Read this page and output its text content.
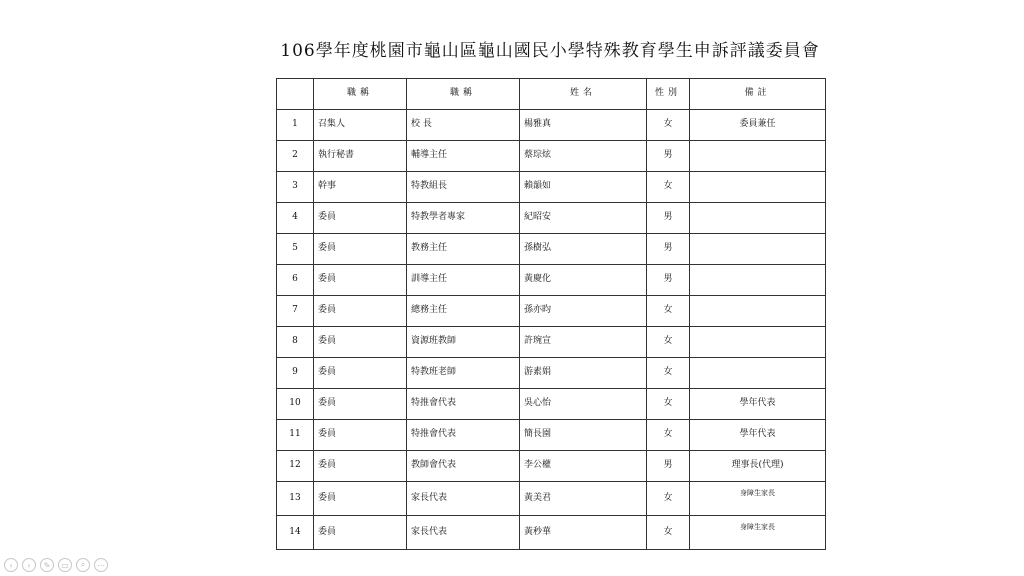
106學年度桃園市龜山區龜山國民小學特殊教育學生申訴評議委員會
	職稱	職稱	姓名	性別	備註
1	召集人	校 長	楊雅真	女	委員兼任
2	執行秘書	輔導主任	蔡琮炫	男	
3	幹事	特教組長	賴韻如	女	
4	委員	特教學者專家	紀昭安	男	
5	委員	教務主任	孫樹弘	男	
6	委員	訓導主任	黃慶化	男	
7	委員	總務主任	孫亦昀	女	
8	委員	資源班教師	許琬宣	女	
9	委員	特教班老師	游素娟	女	
10	委員	特推會代表	吳心怡	女	學年代表
11	委員	特推會代表	簡長園	女	學年代表
12	委員	教師會代表	李公權	男	理事長(代理)
13	委員	家長代表	黃美君	女	$^{身障生家長}$
14	委員	家長代表	黃秒華	女	$^{身障生家長}$
‹	›	✎	▭	⌕	⋯
